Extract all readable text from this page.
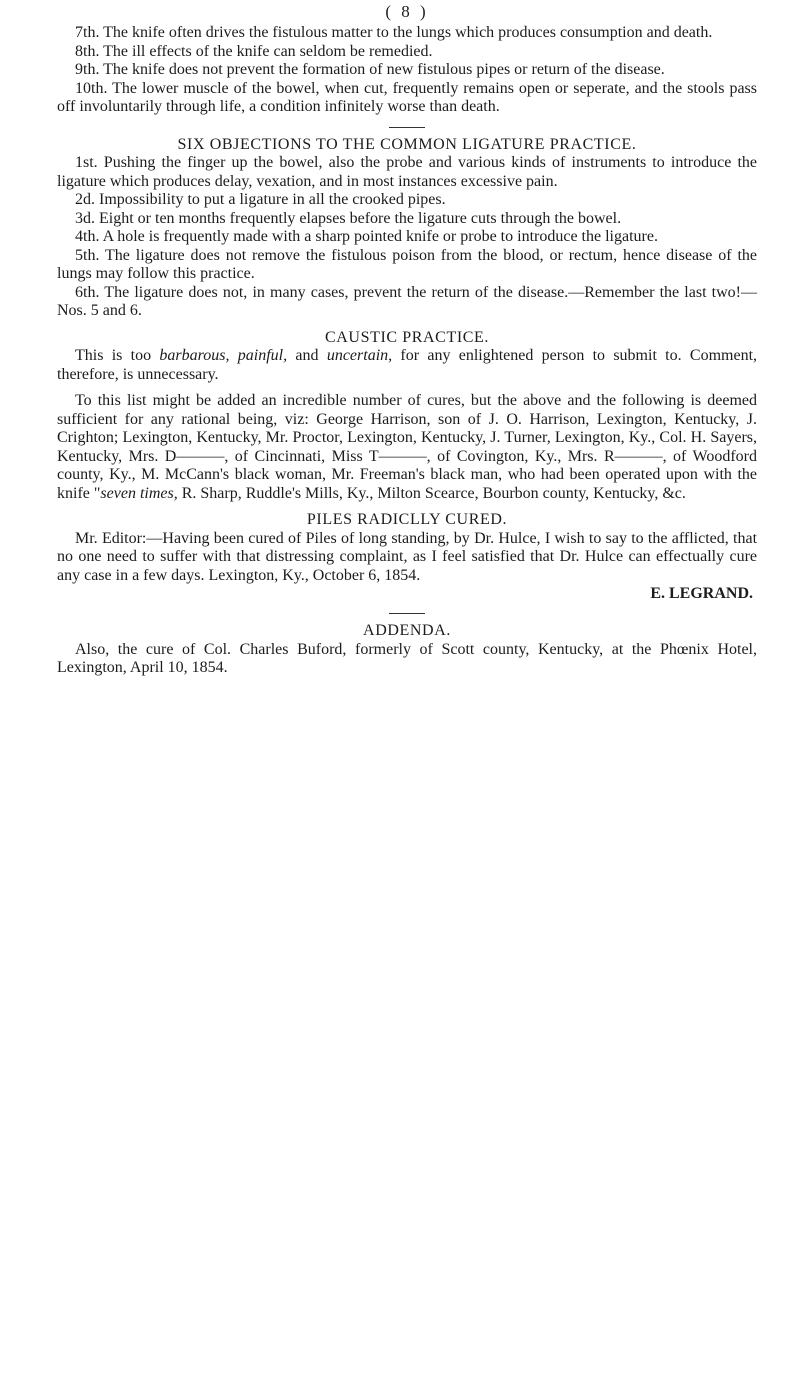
( 8 )

7th. The knife often drives the fistulous matter to the lungs which produces consumption and death.

8th. The ill effects of the knife can seldom be remedied.

9th. The knife does not prevent the formation of new fistulous pipes or return of the disease.

10th. The lower muscle of the bowel, when cut, frequently remains open or seperate, and the stools pass off involuntarily through life, a condition infinitely worse than death.

SIX OBJECTIONS TO THE COMMON LIGATURE PRACTICE.

1st. Pushing the finger up the bowel, also the probe and various kinds of instruments to introduce the ligature which produces delay, vexation, and in most instances excessive pain.

2d. Impossibility to put a ligature in all the crooked pipes.

3d. Eight or ten months frequently elapses before the ligature cuts through the bowel.

4th. A hole is frequently made with a sharp pointed knife or probe to introduce the ligature.

5th. The ligature does not remove the fistulous poison from the blood, or rectum, hence disease of the lungs may follow this practice.

6th. The ligature does not, in many cases, prevent the return of the disease.—Remember the last two!—Nos. 5 and 6.

CAUSTIC PRACTICE.

This is too barbarous, painful, and uncertain, for any enlightened person to submit to. Comment, therefore, is unnecessary.

To this list might be added an incredible number of cures, but the above and the following is deemed sufficient for any rational being, viz: George Harrison, son of J. O. Harrison, Lexington, Kentucky, J. Crighton; Lexington, Kentucky, Mr. Proctor, Lexington, Kentucky, J. Turner, Lexington, Ky., Col. H. Sayers, Kentucky, Mrs. D———, of Cincinnati, Miss T———, of Covington, Ky., Mrs. R———, of Woodford county, Ky., M. McCann's black woman, Mr. Freeman's black man, who had been operated upon with the knife "seven times, R. Sharp, Ruddle's Mills, Ky., Milton Scearce, Bourbon county, Kentucky, &c.

PILES RADICLLY CURED.

Mr. Editor:—Having been cured of Piles of long standing, by Dr. Hulce, I wish to say to the afflicted, that no one need to suffer with that distressing complaint, as I feel satisfied that Dr. Hulce can effectually cure any case in a few days. Lexington, Ky., October 6, 1854.

E. LEGRAND.

ADDENDA.

Also, the cure of Col. Charles Buford, formerly of Scott county, Kentucky, at the Phœnix Hotel, Lexington, April 10, 1854.
